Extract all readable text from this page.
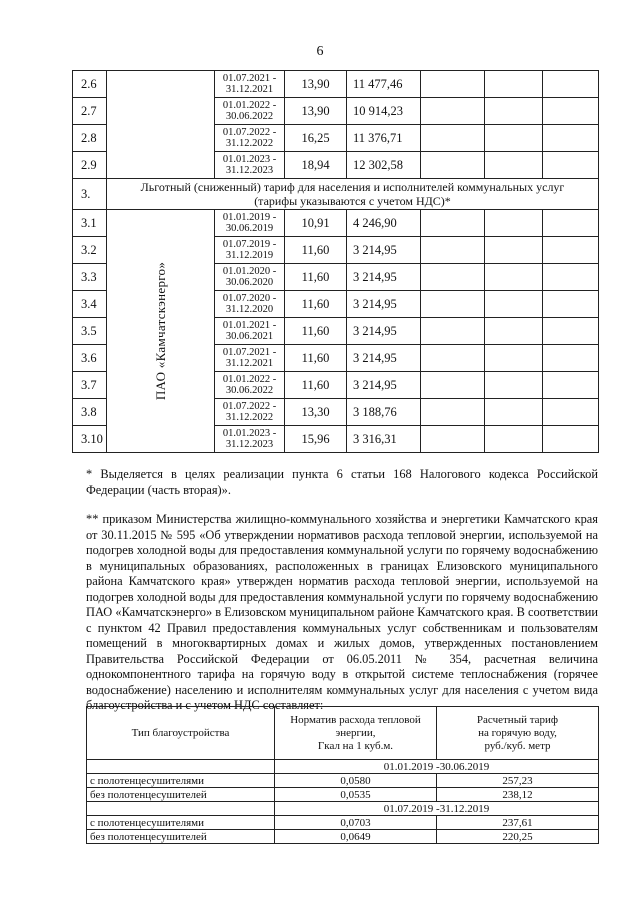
6
2.6		01.07.2021 -
31.12.2021	13,90	11 477,46			
2.7		01.01.2022 -
30.06.2022	13,90	10 914,23			
2.8		01.07.2022 -
31.12.2022	16,25	11 376,71			
2.9		01.01.2023 -
31.12.2023	18,94	12 302,58			
3.	Льготный (сниженный) тариф для населения и исполнителей коммунальных услуг
(тарифы указываются с учетом НДС)*						

3.1	ПАО «Камчатскэнерго»	01.01.2019 -
30.06.2019	10,91	4 246,90			
3.2		01.07.2019 -
31.12.2019	11,60	3 214,95			
3.3		01.01.2020 -
30.06.2020	11,60	3 214,95			
3.4		01.07.2020 -
31.12.2020	11,60	3 214,95			
3.5		01.01.2021 -
30.06.2021	11,60	3 214,95			
3.6		01.07.2021 -
31.12.2021	11,60	3 214,95			
3.7		01.01.2022 -
30.06.2022	11,60	3 214,95			
3.8		01.07.2022 -
31.12.2022	13,30	3 188,76			
3.10		01.01.2023 -
31.12.2023	15,96	3 316,31			

* Выделяется в целях реализации пункта 6 статьи 168 Налогового кодекса Российской Федерации (часть вторая)».

** приказом Министерства жилищно-коммунального хозяйства и энергетики Камчатского края от 30.11.2015 № 595 «Об утверждении нормативов расхода тепловой энергии, используемой на подогрев холодной воды для предоставления коммунальной услуги по горячему водоснабжению в муниципальных образованиях, расположенных в границах Елизовского муниципального района Камчатского края» утвержден норматив расхода тепловой энергии, используемой на подогрев холодной воды для предоставления коммунальной услуги по горячему водоснабжению ПАО «Камчатскэнерго» в Елизовском муниципальном районе Камчатского края. В соответствии с пунктом 42 Правил предоставления коммунальных услуг собственникам и пользователям помещений в многоквартирных домах и жилых домов, утвержденных постановлением Правительства Российской Федерации от 06.05.2011 № 354, расчетная величина однокомпонентного тарифа на горячую воду в открытой системе теплоснабжения (горячее водоснабжение) населению и исполнителям коммунальных услуг для населения с учетом вида благоустройства и с учетом НДС составляет:

Тип благоустройства	Норматив расхода тепловой
энергии,
Гкал на 1 куб.м.	Расчетный тариф
на горячую воду,
руб./куб. метр

	01.01.2019 -30.06.2019	
с полотенцесушителями	0,0580	257,23
без полотенцесушителей	0,0535	238,12
	01.07.2019 -31.12.2019	
с полотенцесушителями	0,0703	237,61
без полотенцесушителей	0,0649	220,25
